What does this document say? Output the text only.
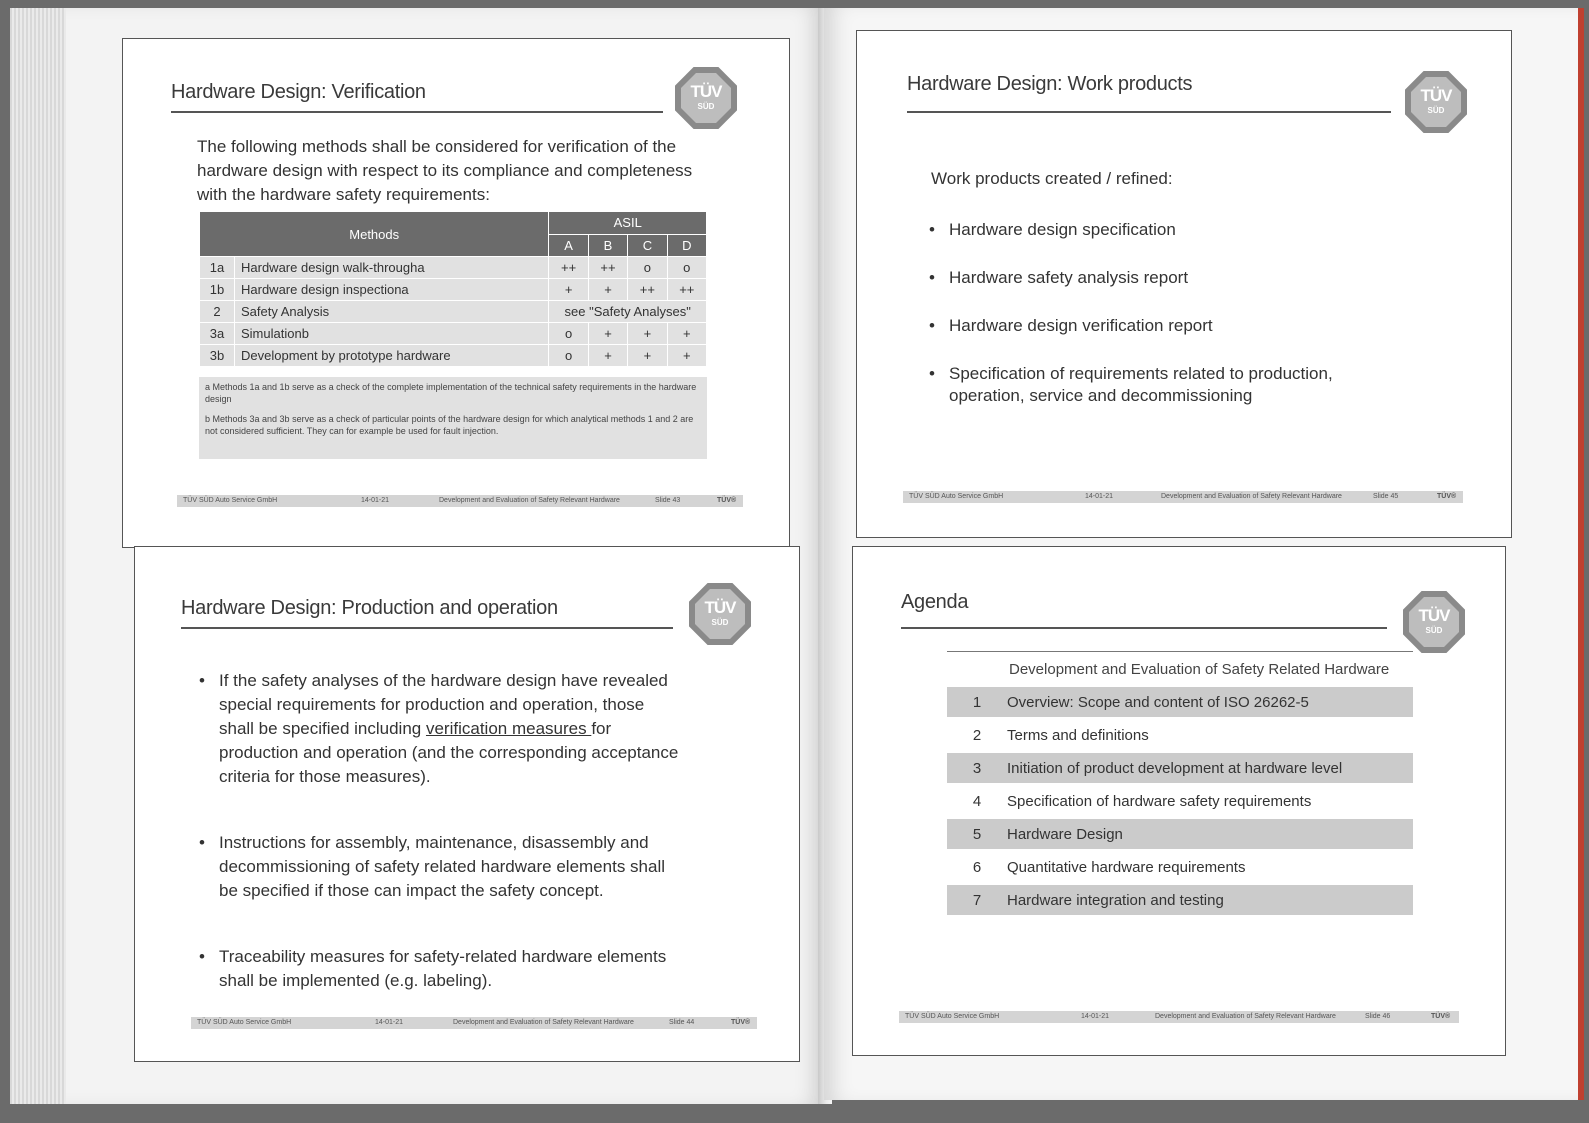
Hardware Design: Verification	TÜV
SÜD
The following methods shall be considered for verification of the hardware design with respect to its compliance and completeness with the hardware safety requirements:
Methods		ASIL			
		A	B	C	D
1a	Hardware design walk-througha	++	++	o	o
1b	Hardware design inspectiona	+	+	++	++
2	Safety Analysis	see "Safety Analyses"			
3a	Simulationb	o	+	+	+
3b	Development by prototype hardware	o	+	+	+
a Methods 1a and 1b serve as a check of the complete implementation of the technical safety requirements in the hardware design
b Methods 3a and 3b serve as a check of particular points of the hardware design for which analytical methods 1 and 2 are not considered sufficient. They can for example be used for fault injection.
TÜV SÜD Auto Service GmbH	14-01-21	Development and Evaluation of Safety Relevant Hardware	Slide 43	TÜV®
Hardware Design: Production and operation	TÜV
SÜD
• If the safety analyses of the hardware design have revealed special requirements for production and operation, those shall be specified including verification measures for production and operation (and the corresponding acceptance criteria for those measures).
• Instructions for assembly, maintenance, disassembly and decommissioning of safety related hardware elements shall be specified if those can impact the safety concept.
• Traceability measures for safety-related hardware elements shall be implemented (e.g. labeling).
TÜV SÜD Auto Service GmbH	14-01-21	Development and Evaluation of Safety Relevant Hardware	Slide 44	TÜV®
Hardware Design: Work products
TÜV
SÜD
Work products created / refined:
• Hardware design specification
• Hardware safety analysis report
• Hardware design verification report
• Specification of requirements related to production, operation, service and decommissioning
TÜV SÜD Auto Service GmbH	14-01-21	Development and Evaluation of Safety Relevant Hardware	Slide 45	TÜV®
Agenda
TÜV
SÜD
Development and Evaluation of Safety Related Hardware
1	Overview: Scope and content of ISO 26262-5
2	Terms and definitions
3	Initiation of product development at hardware level
4	Specification of hardware safety requirements
5	Hardware Design
6	Quantitative hardware requirements
7	Hardware integration and testing
TÜV SÜD Auto Service GmbH	14-01-21	Development and Evaluation of Safety Relevant Hardware	Slide 46	TÜV®
